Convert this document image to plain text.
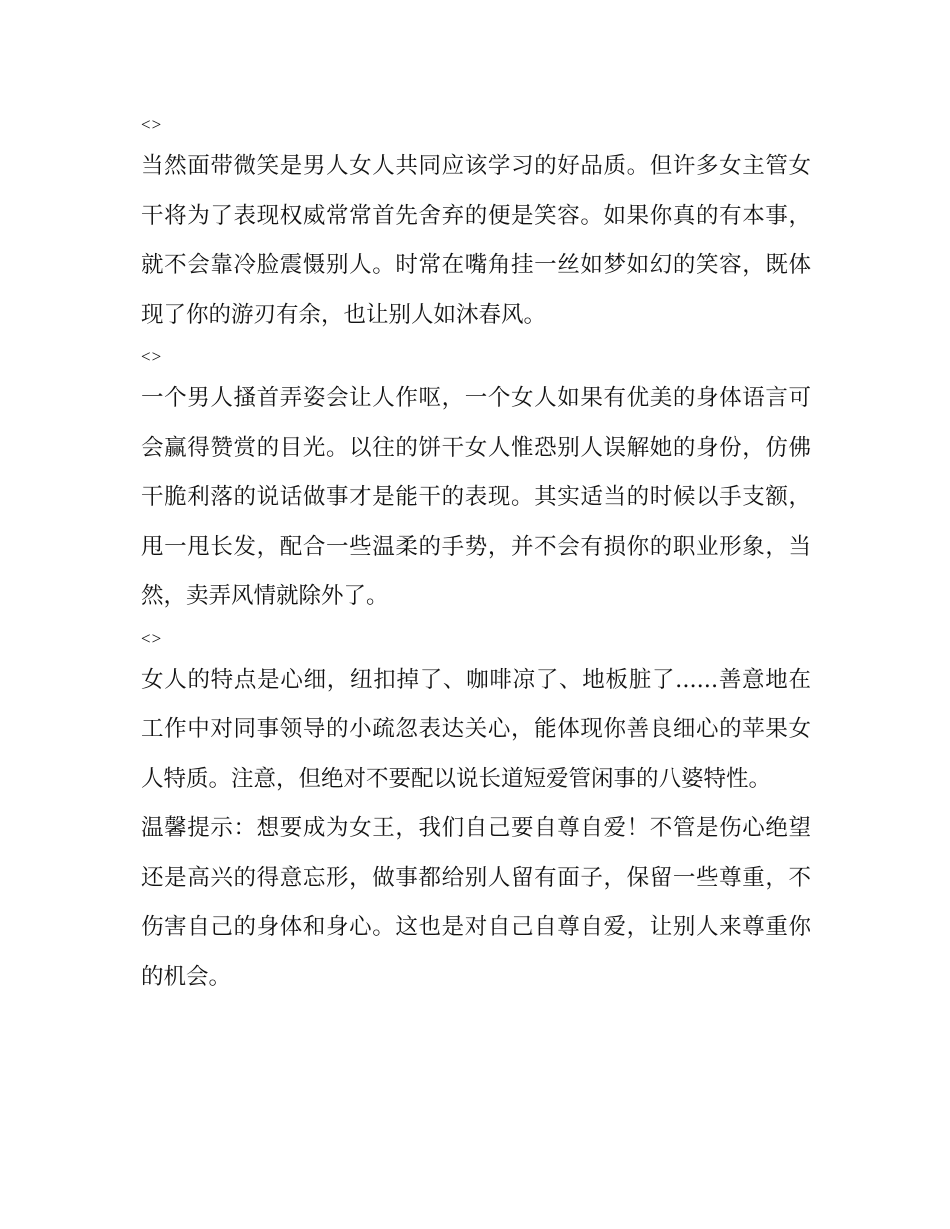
<>

当然面带微笑是男人女人共同应该学习的好品质。但许多女主管女干将为了表现权威常常首先舍弃的便是笑容。如果你真的有本事，就不会靠冷脸震慑别人。时常在嘴角挂一丝如梦如幻的笑容，既体现了你的游刃有余，也让别人如沐春风。

<>

一个男人搔首弄姿会让人作呕，一个女人如果有优美的身体语言可会赢得赞赏的目光。以往的饼干女人惟恐别人误解她的身份，仿佛干脆利落的说话做事才是能干的表现。其实适当的时候以手支额，甩一甩长发，配合一些温柔的手势，并不会有损你的职业形象，当然，卖弄风情就除外了。

<>

女人的特点是心细，纽扣掉了、咖啡凉了、地板脏了......善意地在工作中对同事领导的小疏忽表达关心，能体现你善良细心的苹果女人特质。注意，但绝对不要配以说长道短爱管闲事的八婆特性。

温馨提示：想要成为女王，我们自己要自尊自爱！不管是伤心绝望还是高兴的得意忘形，做事都给别人留有面子，保留一些尊重，不伤害自己的身体和身心。这也是对自己自尊自爱，让别人来尊重你的机会。
